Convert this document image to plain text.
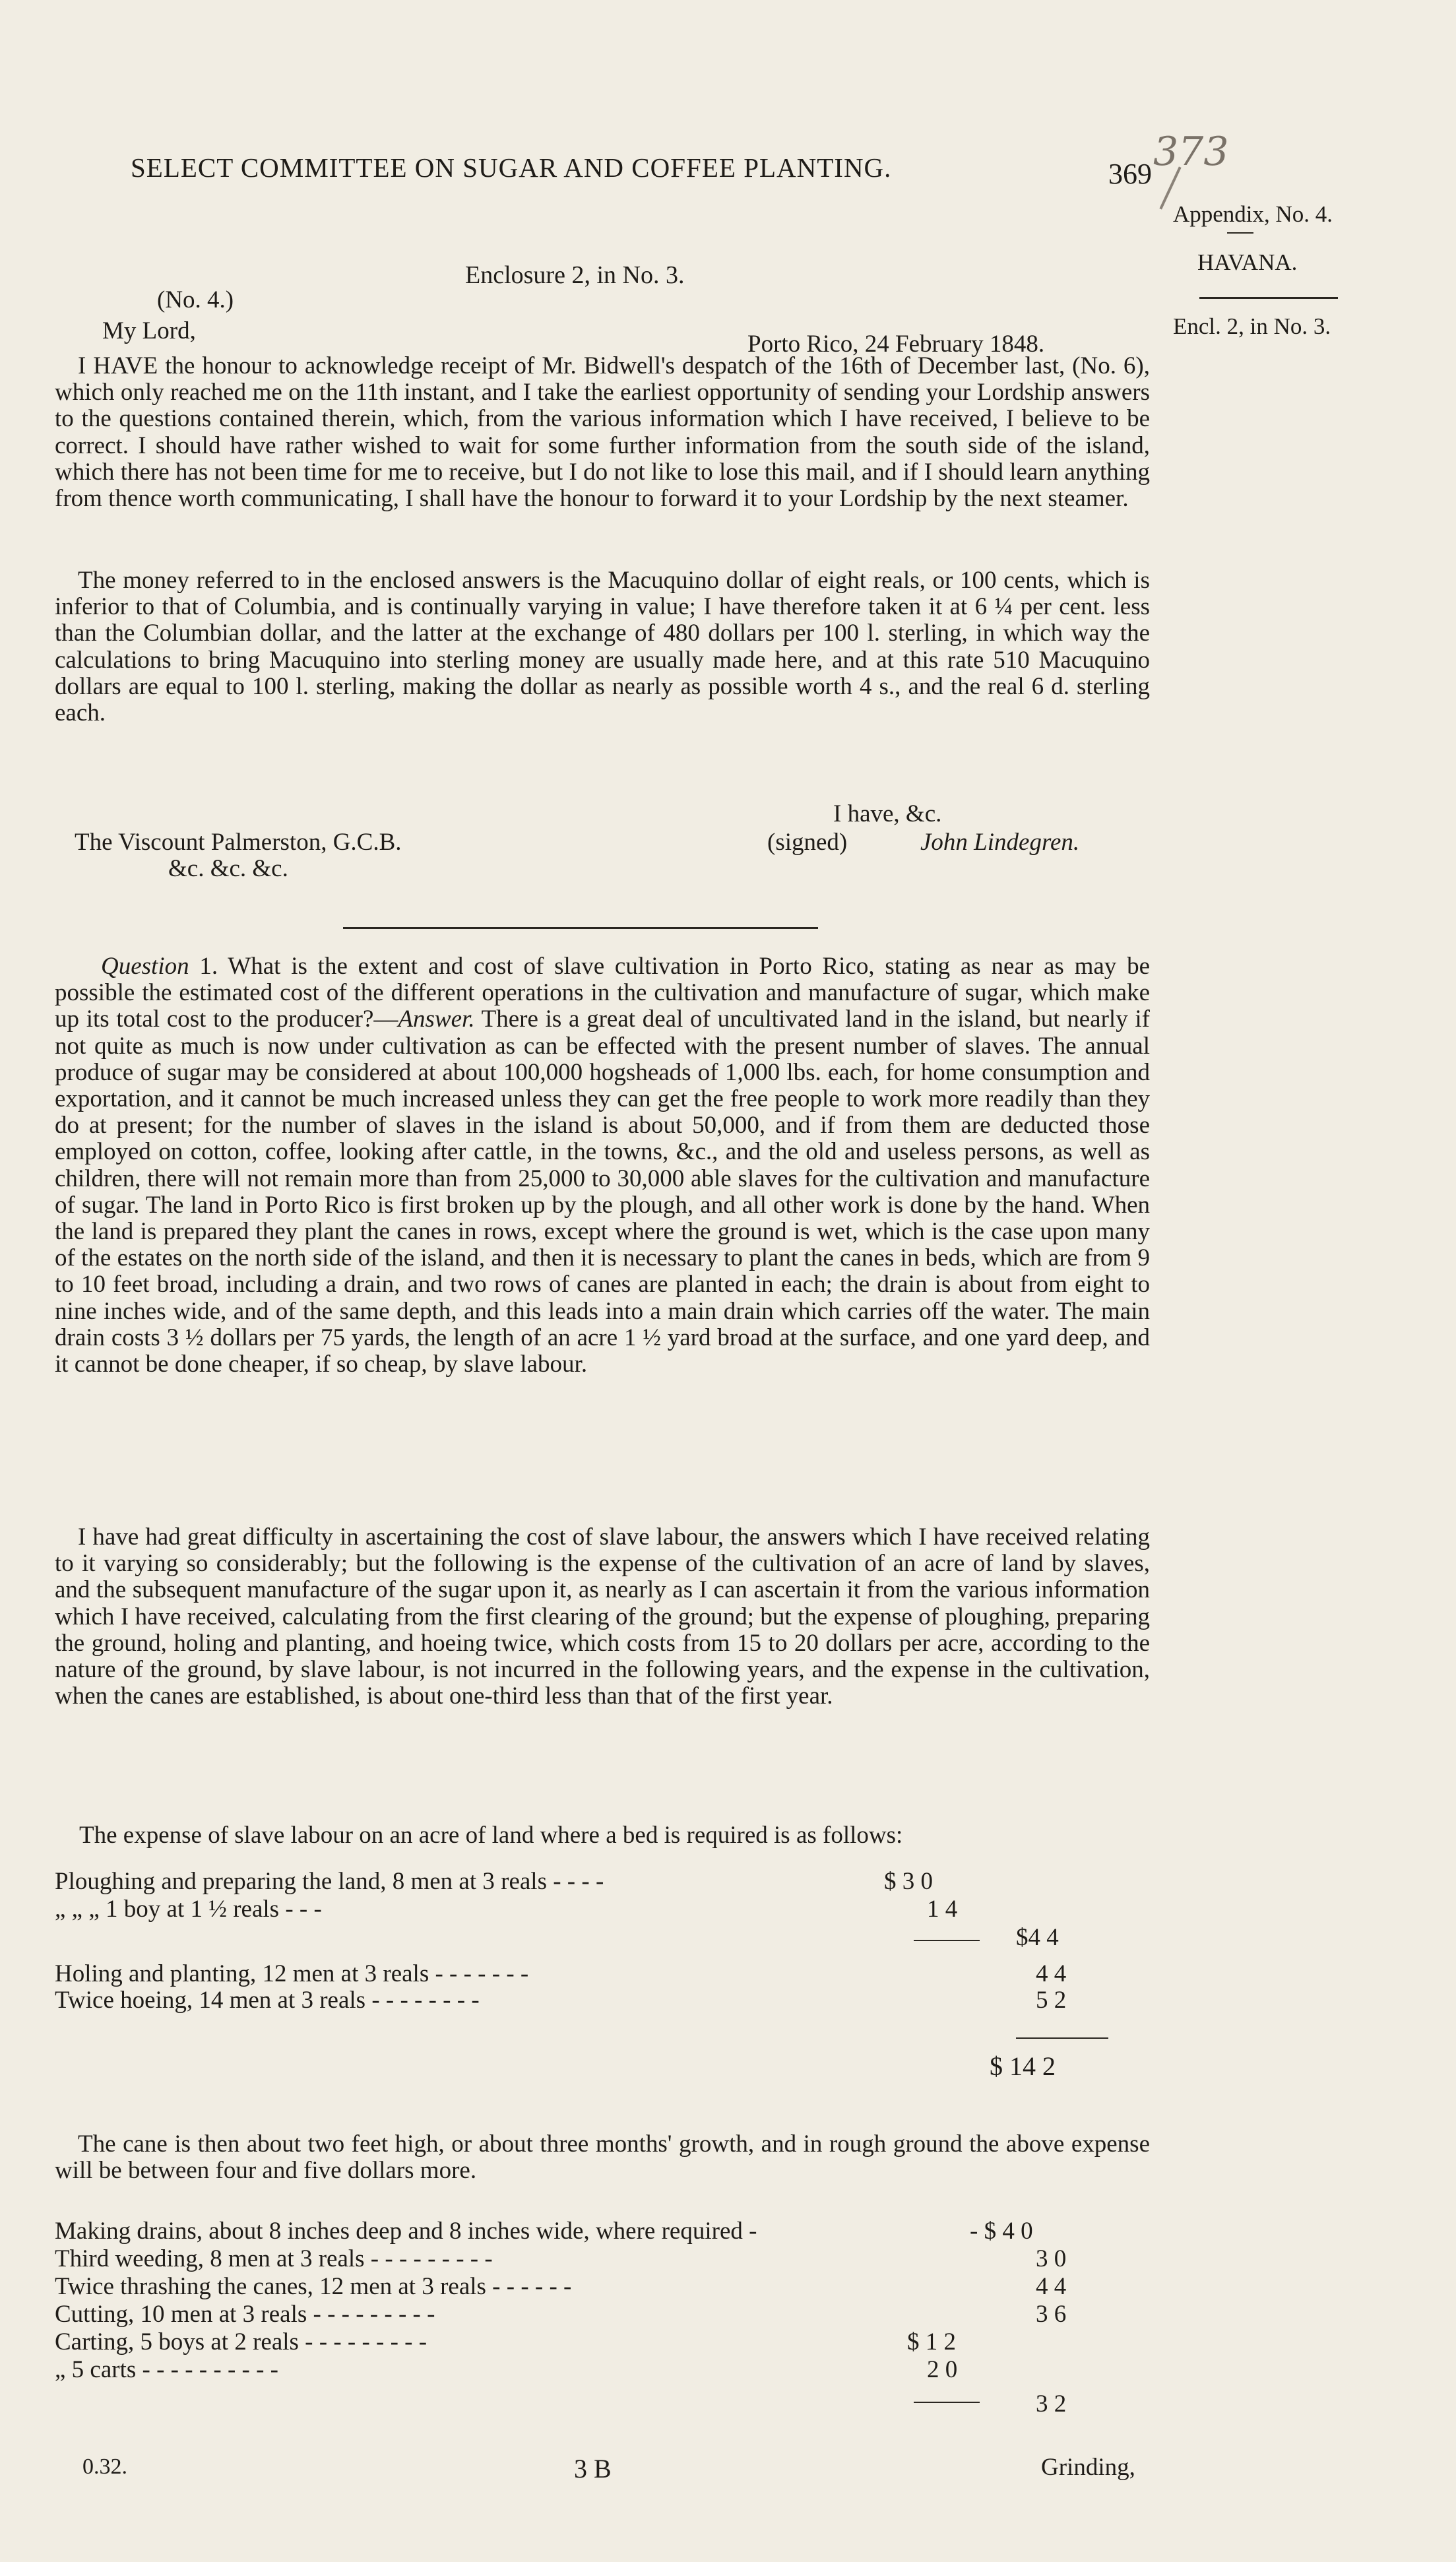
SELECT COMMITTEE ON SUGAR AND COFFEE PLANTING.	369 373
Appendix, No. 4.
HAVANA.
Encl. 2, in No. 3.
Enclosure 2, in No. 3.
(No. 4.)
My Lord,	Porto Rico, 24 February 1848.
I HAVE the honour to acknowledge receipt of Mr. Bidwell's despatch of the 16th of December last, (No. 6), which only reached me on the 11th instant, and I take the earliest opportunity of sending your Lordship answers to the questions contained therein, which, from the various information which I have received, I believe to be correct. I should have rather wished to wait for some further information from the south side of the island, which there has not been time for me to receive, but I do not like to lose this mail, and if I should learn anything from thence worth communicating, I shall have the honour to forward it to your Lordship by the next steamer.
The money referred to in the enclosed answers is the Macuquino dollar of eight reals, or 100 cents, which is inferior to that of Columbia, and is continually varying in value; I have therefore taken it at 6 ¼ per cent. less than the Columbian dollar, and the latter at the exchange of 480 dollars per 100 l. sterling, in which way the calculations to bring Macuquino into sterling money are usually made here, and at this rate 510 Macuquino dollars are equal to 100 l. sterling, making the dollar as nearly as possible worth 4 s., and the real 6 d. sterling each.
I have, &c.
The Viscount Palmerston, G.C.B.	(signed)	John Lindegren.
&c. &c. &c.
Question 1. What is the extent and cost of slave cultivation in Porto Rico, stating as near as may be possible the estimated cost of the different operations in the cultivation and manufacture of sugar, which make up its total cost to the producer?—Answer. There is a great deal of uncultivated land in the island, but nearly if not quite as much is now under cultivation as can be effected with the present number of slaves. The annual produce of sugar may be considered at about 100,000 hogsheads of 1,000 lbs. each, for home consumption and exportation, and it cannot be much increased unless they can get the free people to work more readily than they do at present; for the number of slaves in the island is about 50,000, and if from them are deducted those employed on cotton, coffee, looking after cattle, in the towns, &c., and the old and useless persons, as well as children, there will not remain more than from 25,000 to 30,000 able slaves for the cultivation and manufacture of sugar. The land in Porto Rico is first broken up by the plough, and all other work is done by the hand. When the land is prepared they plant the canes in rows, except where the ground is wet, which is the case upon many of the estates on the north side of the island, and then it is necessary to plant the canes in beds, which are from 9 to 10 feet broad, including a drain, and two rows of canes are planted in each; the drain is about from eight to nine inches wide, and of the same depth, and this leads into a main drain which carries off the water. The main drain costs 3 ½ dollars per 75 yards, the length of an acre 1 ½ yard broad at the surface, and one yard deep, and it cannot be done cheaper, if so cheap, by slave labour.
I have had great difficulty in ascertaining the cost of slave labour, the answers which I have received relating to it varying so considerably; but the following is the expense of the cultivation of an acre of land by slaves, and the subsequent manufacture of the sugar upon it, as nearly as I can ascertain it from the various information which I have received, calculating from the first clearing of the ground; but the expense of ploughing, preparing the ground, holing and planting, and hoeing twice, which costs from 15 to 20 dollars per acre, according to the nature of the ground, by slave labour, is not incurred in the following years, and the expense in the cultivation, when the canes are established, is about one-third less than that of the first year.
The expense of slave labour on an acre of land where a bed is required is as follows:
Ploughing and preparing the land, 8 men at 3 reals - - - -	$ 3 0
„ „ „ 1 boy at 1 ½ reals - - -	1 4
$4 4
Holing and planting, 12 men at 3 reals - - - - - - -	4 4
Twice hoeing, 14 men at 3 reals - - - - - - - -	5 2
$ 14 2
The cane is then about two feet high, or about three months' growth, and in rough ground the above expense will be between four and five dollars more.
Making drains, about 8 inches deep and 8 inches wide, where required -	- $ 4 0
Third weeding, 8 men at 3 reals - - - - - - - - -	3 0
Twice thrashing the canes, 12 men at 3 reals - - - - - -	4 4
Cutting, 10 men at 3 reals - - - - - - - - -	3 6
Carting, 5 boys at 2 reals - - - - - - - - -	$ 1 2
„ 5 carts - - - - - - - - - -	2 0
3 2
0.32.	3 B	Grinding,
